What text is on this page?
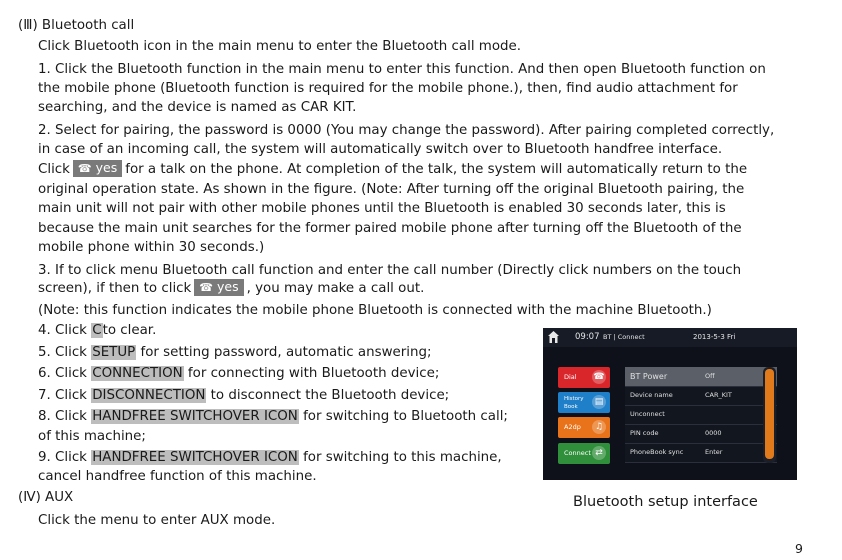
(Ⅲ) Bluetooth call
Click Bluetooth icon in the main menu to enter the Bluetooth call mode.
1. Click the Bluetooth function in the main menu to enter this function. And then open Bluetooth function on
the mobile phone (Bluetooth function is required for the mobile phone.), then, find audio attachment for
searching, and the device is named as CAR KIT.
2. Select for pairing, the password is 0000 (You may change the password). After pairing completed correctly,
in case of an incoming call, the system will automatically switch over to Bluetooth handfree interface.
Click ☎ yes for a talk on the phone. At completion of the talk, the system will automatically return to the
original operation state. As shown in the figure. (Note: After turning off the original Bluetooth pairing, the
main unit will not pair with other mobile phones until the Bluetooth is enabled 30 seconds later, this is
because the main unit searches for the former paired mobile phone after turning off the Bluetooth of the
mobile phone within 30 seconds.)
3. If to click menu Bluetooth call function and enter the call number (Directly click numbers on the touch
screen), if then to click ☎ yes , you may make a call out.
(Note: this function indicates the mobile phone Bluetooth is connected with the machine Bluetooth.)
4. Click Cto clear.
5. Click SETUP for setting password, automatic answering;
6. Click CONNECTION for connecting with Bluetooth device;
7. Click DISCONNECTION to disconnect the Bluetooth device;
8. Click HANDFREE SWITCHOVER ICON for switching to Bluetooth call;
of this machine;
9. Click HANDFREE SWITCHOVER ICON for switching to this machine,
cancel handfree function of this machine.
(Ⅳ) AUX
Click the menu to enter AUX mode.
09:07 BT | Connect	2013-5-3 Fri
Dial ☎
History Book	▤
A2dp	♫
Connect ⇄
BT Power	Off
Device name	CAR_KIT
Unconnect
PIN code	0000
PhoneBook sync	Enter
Bluetooth setup interface
9
